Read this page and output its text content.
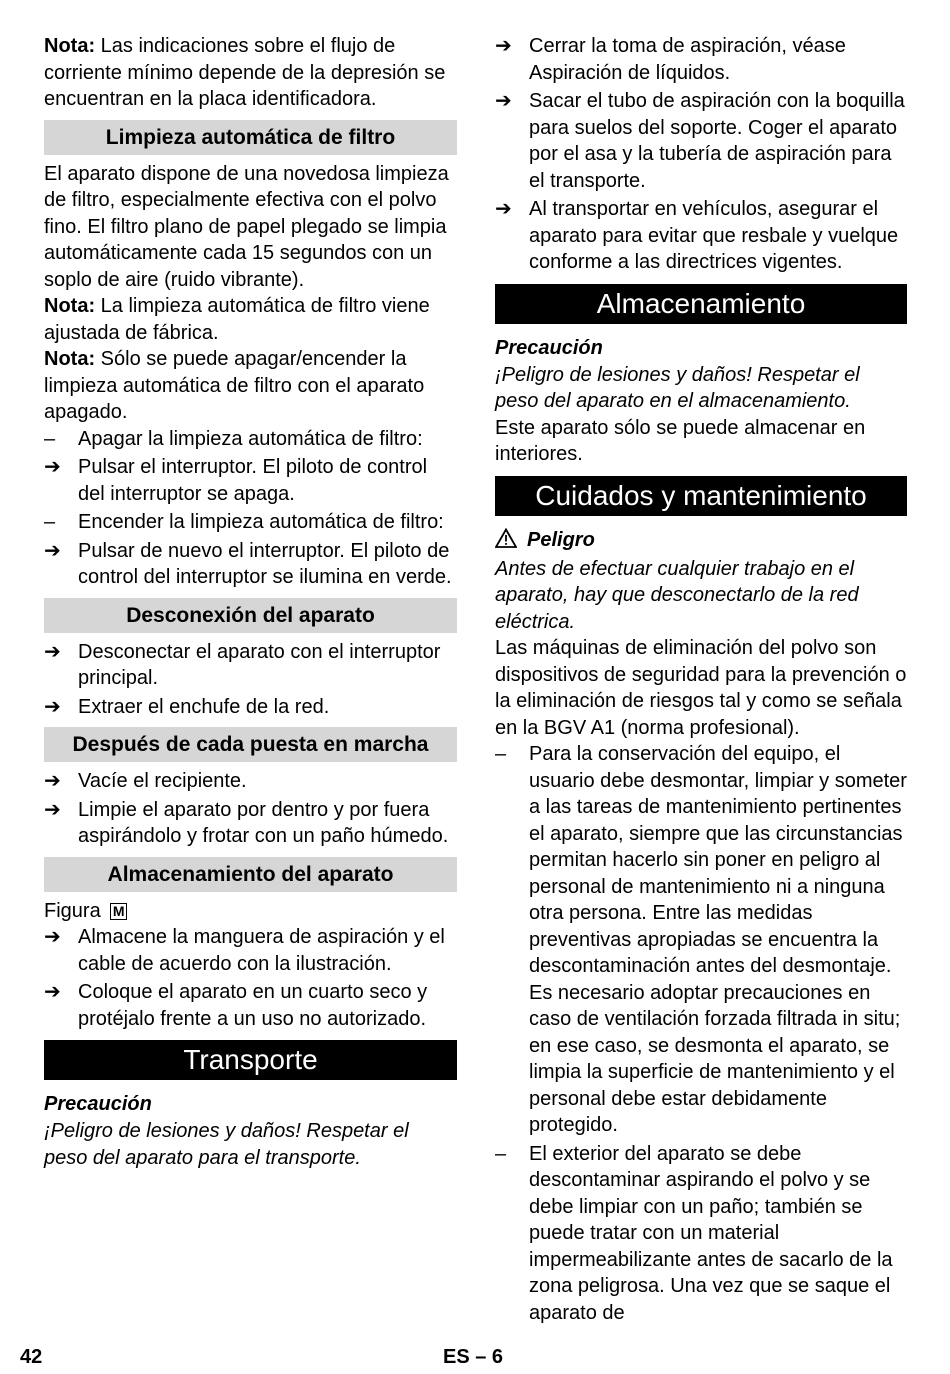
Nota: Las indicaciones sobre el flujo de corriente mínimo depende de la depresión se encuentran en la placa identificadora.

Limpieza automática de filtro

El aparato dispone de una novedosa limpieza de filtro, especialmente efectiva con el polvo fino. El filtro plano de papel plegado se limpia automáticamente cada 15 segundos con un soplo de aire (ruido vibrante).

Nota: La limpieza automática de filtro viene ajustada de fábrica.

Nota: Sólo se puede apagar/encender la limpieza automática de filtro con el aparato apagado.

–	Apagar la limpieza automática de filtro:
➔ Pulsar el interruptor. El piloto de control del interruptor se apaga.
–	Encender la limpieza automática de filtro:
➔ Pulsar de nuevo el interruptor. El piloto de control del interruptor se ilumina en verde.
Desconexión del aparato
➔ Desconectar el aparato con el interruptor principal.
➔ Extraer el enchufe de la red.
Después de cada puesta en marcha
➔ Vacíe el recipiente.
➔ Limpie el aparato por dentro y por fuera aspirándolo y frotar con un paño húmedo.
Almacenamiento del aparato

Figura M

➔ Almacene la manguera de aspiración y el cable de acuerdo con la ilustración.
➔ Coloque el aparato en un cuarto seco y protéjalo frente a un uso no autorizado.
Transporte

Precaución

¡Peligro de lesiones y daños! Respetar el peso del aparato para el transporte.

➔ Cerrar la toma de aspiración, véase Aspiración de líquidos.
➔ Sacar el tubo de aspiración con la boquilla para suelos del soporte. Coger el aparato por el asa y la tubería de aspiración para el transporte.
➔ Al transportar en vehículos, asegurar el aparato para evitar que resbale y vuelque conforme a las directrices vigentes.
Almacenamiento

Precaución

¡Peligro de lesiones y daños! Respetar el peso del aparato en el almacenamiento.

Este aparato sólo se puede almacenar en interiores.

Cuidados y mantenimiento

Peligro

Antes de efectuar cualquier trabajo en el aparato, hay que desconectarlo de la red eléctrica.

Las máquinas de eliminación del polvo son dispositivos de seguridad para la prevención o la eliminación de riesgos tal y como se señala en la BGV A1 (norma profesional).

–	Para la conservación del equipo, el usuario debe desmontar, limpiar y someter a las tareas de mantenimiento pertinentes el aparato, siempre que las circunstancias permitan hacerlo sin poner en peligro al personal de mantenimiento ni a ninguna otra persona. Entre las medidas preventivas apropiadas se encuentra la descontaminación antes del desmontaje. Es necesario adoptar precauciones en caso de ventilación forzada filtrada in situ; en ese caso, se desmonta el aparato, se limpia la superficie de mantenimiento y el personal debe estar debidamente protegido.
–	El exterior del aparato se debe descontaminar aspirando el polvo y se debe limpiar con un paño; también se puede tratar con un material impermeabilizante antes de sacarlo de la zona peligrosa. Una vez que se saque el aparato de
42	ES – 6
